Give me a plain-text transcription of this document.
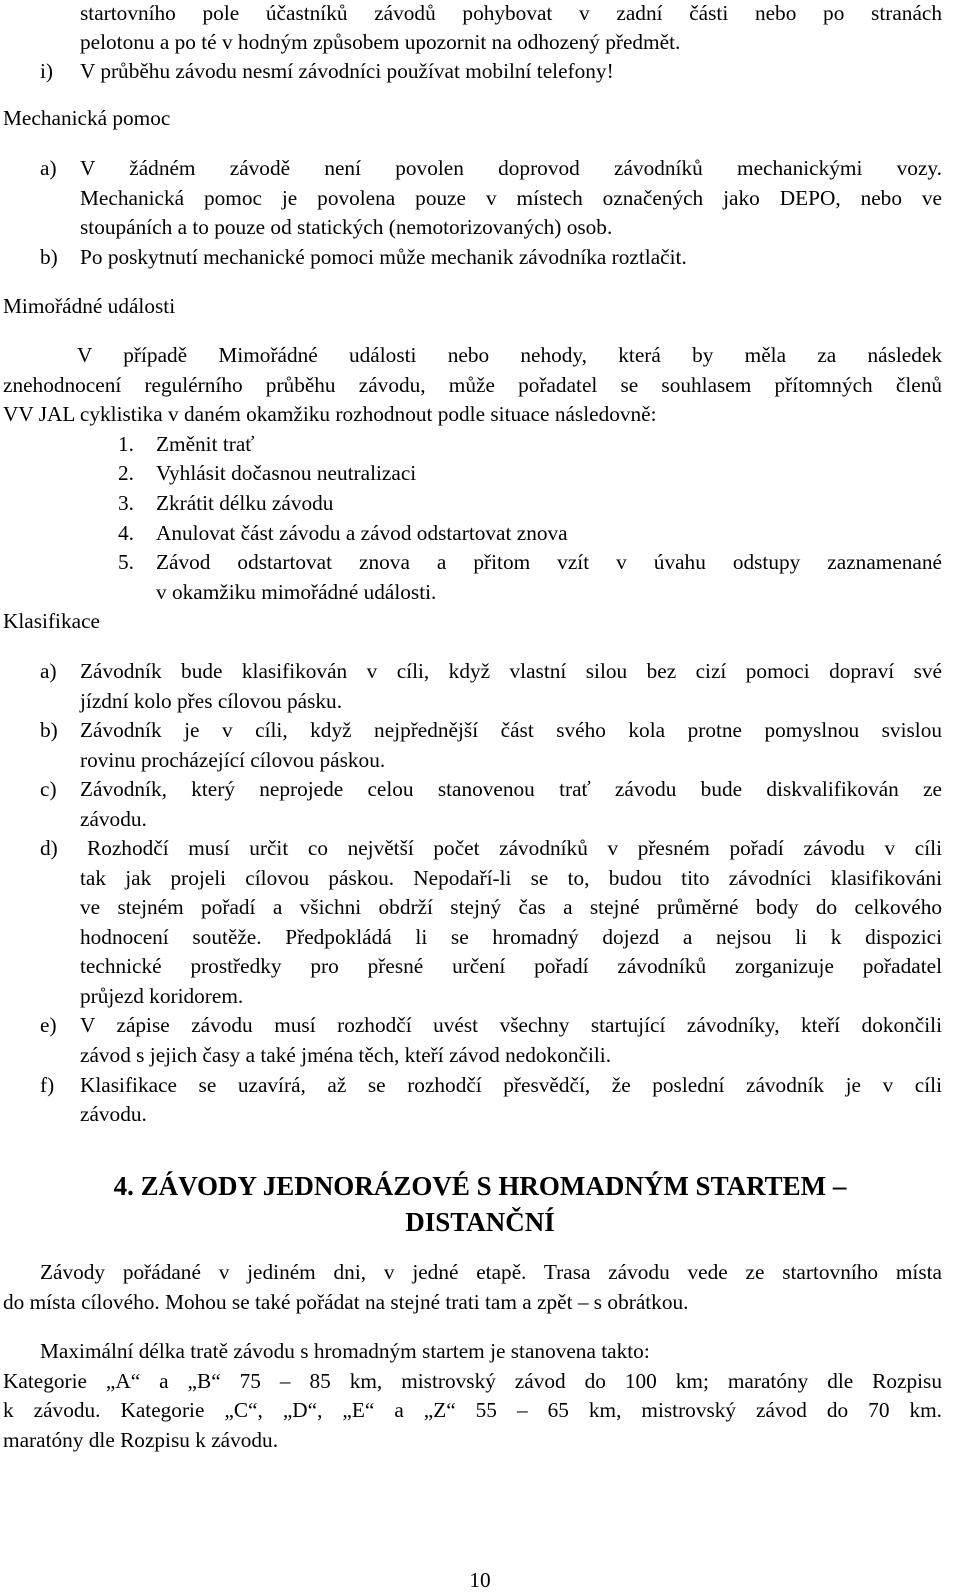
startovního pole účastníků závodů pohybovat v zadní části nebo po stranách
pelotonu a po té v hodným způsobem upozornit na odhozený předmět.
i) V průběhu závodu nesmí závodníci používat mobilní telefony!
Mechanická pomoc
a) V žádném závodě není povolen doprovod závodníků mechanickými vozy.
Mechanická pomoc je povolena pouze v místech označených jako DEPO, nebo ve
stoupáních a to pouze od statických (nemotorizovaných) osob.
b) Po poskytnutí mechanické pomoci může mechanik závodníka roztlačit.
Mimořádné události
V případě Mimořádné události nebo nehody, která by měla za následek
znehodnocení regulérního průběhu závodu, může pořadatel se souhlasem přítomných členů
VV JAL cyklistika v daném okamžiku rozhodnout podle situace následovně:
1. Změnit trať
2. Vyhlásit dočasnou neutralizaci
3. Zkrátit délku závodu
4. Anulovat část závodu a závod odstartovat znova
5. Závod odstartovat znova a přitom vzít v úvahu odstupy zaznamenané
v okamžiku mimořádné události.
Klasifikace
a) Závodník bude klasifikován v cíli, když vlastní silou bez cizí pomoci dopraví své
jízdní kolo přes cílovou pásku.
b) Závodník je v cíli, když nejpřednější část svého kola protne pomyslnou svislou
rovinu procházející cílovou páskou.
c) Závodník, který neprojede celou stanovenou trať závodu bude diskvalifikován ze
závodu.
d) Rozhodčí musí určit co největší počet závodníků v přesném pořadí závodu v cíli
tak jak projeli cílovou páskou. Nepodaří-li se to, budou tito závodníci klasifikováni
ve stejném pořadí a všichni obdrží stejný čas a stejné průměrné body do celkového
hodnocení soutěže. Předpokládá li se hromadný dojezd a nejsou li k dispozici
technické prostředky pro přesné určení pořadí závodníků zorganizuje pořadatel
průjezd koridorem.
e) V zápise závodu musí rozhodčí uvést všechny startující závodníky, kteří dokončili
závod s jejich časy a také jména těch, kteří závod nedokončili.
f) Klasifikace se uzavírá, až se rozhodčí přesvědčí, že poslední závodník je v cíli
závodu.
4. ZÁVODY JEDNORÁZOVÉ S HROMADNÝM STARTEM –
DISTANČNÍ
Závody pořádané v jediném dni, v jedné etapě. Trasa závodu vede ze startovního místa
do místa cílového. Mohou se také pořádat na stejné trati tam a zpět – s obrátkou.
Maximální délka tratě závodu s hromadným startem je stanovena takto:
Kategorie „A“ a „B“ 75 – 85 km, mistrovský závod do 100 km; maratóny dle Rozpisu
k závodu. Kategorie „C“, „D“, „E“ a „Z“ 55 – 65 km, mistrovský závod do 70 km.
maratóny dle Rozpisu k závodu.
10
